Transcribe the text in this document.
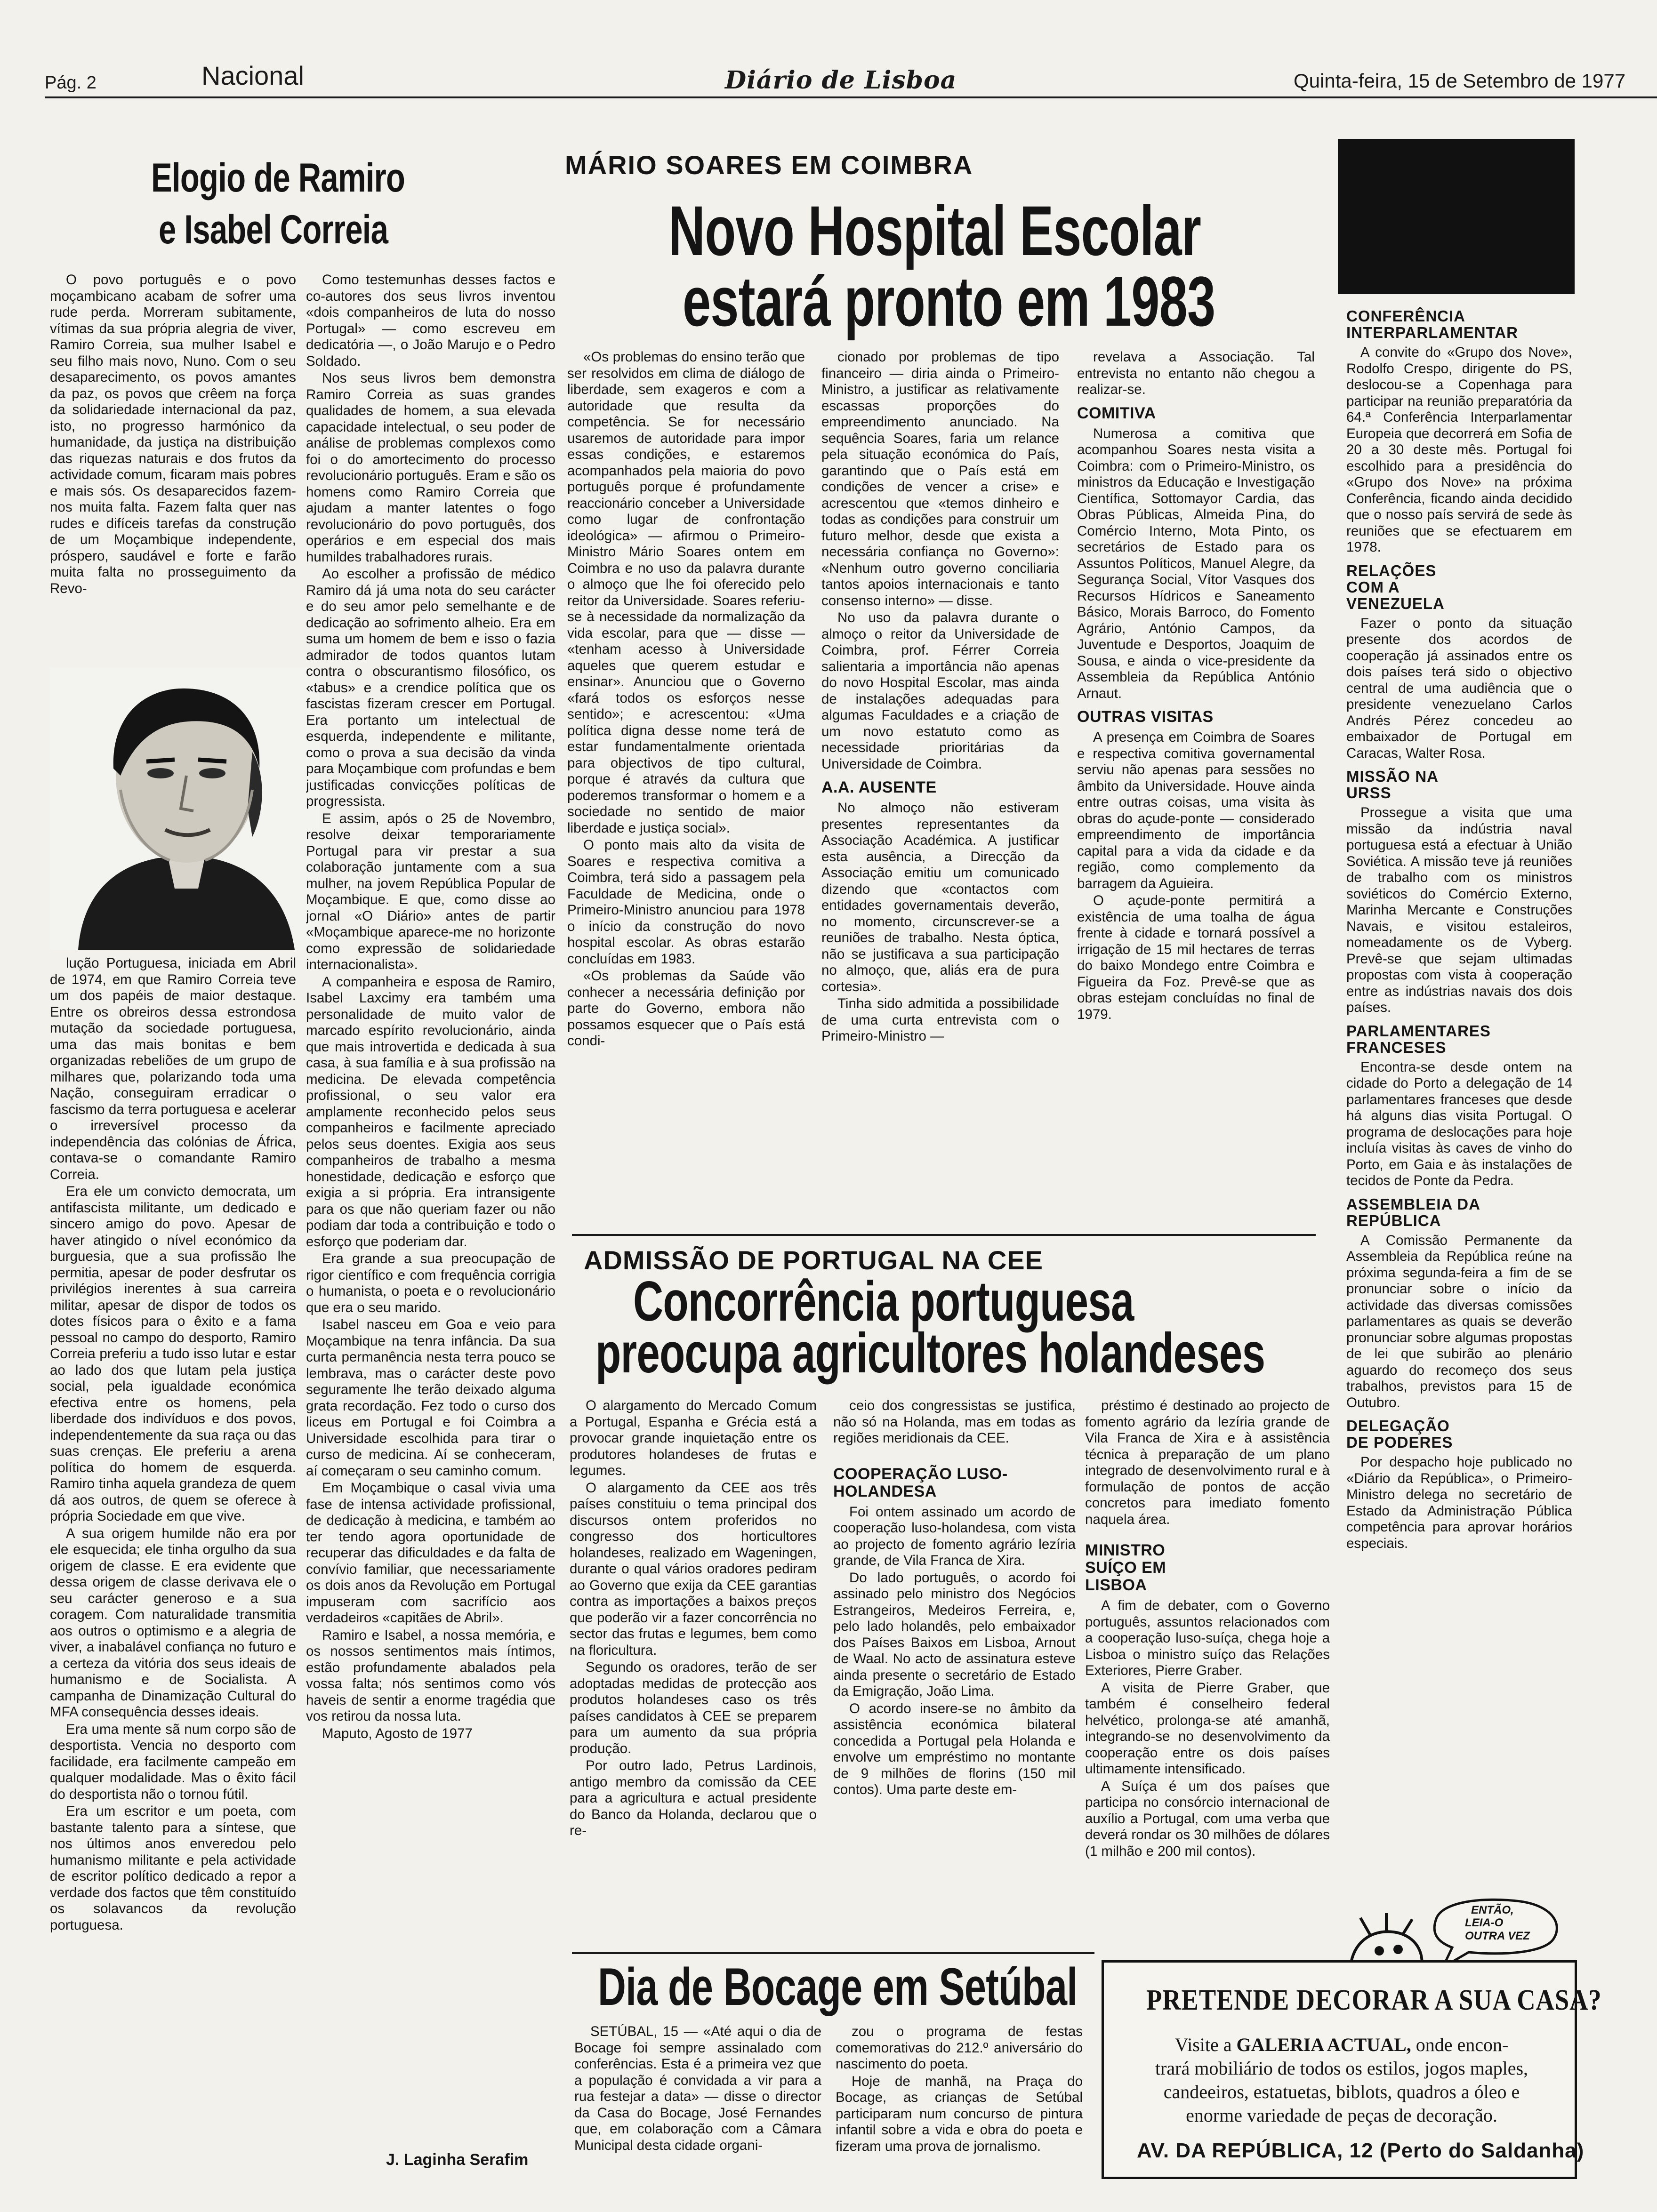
Pág. 2	Nacional	Diário de Lisboa	Quinta-feira, 15 de Setembro de 1977
Elogio de Ramiro
e Isabel Correia

O povo português e o povo moçambicano acabam de sofrer uma rude perda. Morreram subitamente, vítimas da sua própria alegria de viver, Ramiro Correia, sua mulher Isabel e seu filho mais novo, Nuno. Com o seu desaparecimento, os povos amantes da paz, os povos que crêem na força da solidariedade internacional da paz, isto, no progresso harmónico da humanidade, da justiça na distribuição das riquezas naturais e dos frutos da actividade comum, ficaram mais pobres e mais sós. Os desaparecidos fazem-nos muita falta. Fazem falta quer nas rudes e difíceis tarefas da construção de um Moçambique independente, próspero, saudável e forte e farão muita falta no prosseguimento da Revo-

lução Portuguesa, iniciada em Abril de 1974, em que Ramiro Correia teve um dos papéis de maior destaque. Entre os obreiros dessa estrondosa mutação da sociedade portuguesa, uma das mais bonitas e bem organizadas rebeliões de um grupo de milhares que, polarizando toda uma Nação, conseguiram erradicar o fascismo da terra portuguesa e acelerar o irreversível processo da independência das colónias de África, contava-se o comandante Ramiro Correia.

Era ele um convicto democrata, um antifascista militante, um dedicado e sincero amigo do povo. Apesar de haver atingido o nível económico da burguesia, que a sua profissão lhe permitia, apesar de poder desfrutar os privilégios inerentes à sua carreira militar, apesar de dispor de todos os dotes físicos para o êxito e a fama pessoal no campo do desporto, Ramiro Correia preferiu a tudo isso lutar e estar ao lado dos que lutam pela justiça social, pela igualdade económica efectiva entre os homens, pela liberdade dos indivíduos e dos povos, independentemente da sua raça ou das suas crenças. Ele preferiu a arena política do homem de esquerda. Ramiro tinha aquela grandeza de quem dá aos outros, de quem se oferece à própria Sociedade em que vive.

A sua origem humilde não era por ele esquecida; ele tinha orgulho da sua origem de classe. E era evidente que dessa origem de classe derivava ele o seu carácter generoso e a sua coragem. Com naturalidade transmitia aos outros o optimismo e a alegria de viver, a inabalável confiança no futuro e a certeza da vitória dos seus ideais de humanismo e de Socialista. A campanha de Dinamização Cultural do MFA consequência desses ideais.

Era uma mente sã num corpo são de desportista. Vencia no desporto com facilidade, era facilmente campeão em qualquer modalidade. Mas o êxito fácil do desportista não o tornou fútil.

Era um escritor e um poeta, com bastante talento para a síntese, que nos últimos anos enveredou pelo humanismo militante e pela actividade de escritor político dedicado a repor a verdade dos factos que têm constituído os solavancos da revolução portuguesa.

Como testemunhas desses factos e co-autores dos seus livros inventou «dois companheiros de luta do nosso Portugal» — como escreveu em dedicatória —, o João Marujo e o Pedro Soldado.

Nos seus livros bem demonstra Ramiro Correia as suas grandes qualidades de homem, a sua elevada capacidade intelectual, o seu poder de análise de problemas complexos como foi o do amortecimento do processo revolucionário português. Eram e são os homens como Ramiro Correia que ajudam a manter latentes o fogo revolucionário do povo português, dos operários e em especial dos mais humildes trabalhadores rurais.

Ao escolher a profissão de médico Ramiro dá já uma nota do seu carácter e do seu amor pelo semelhante e de dedicação ao sofrimento alheio. Era em suma um homem de bem e isso o fazia admirador de todos quantos lutam contra o obscurantismo filosófico, os «tabus» e a crendice política que os fascistas fizeram crescer em Portugal. Era portanto um intelectual de esquerda, independente e militante, como o prova a sua decisão da vinda para Moçambique com profundas e bem justificadas convicções políticas de progressista.

E assim, após o 25 de Novembro, resolve deixar temporariamente Portugal para vir prestar a sua colaboração juntamente com a sua mulher, na jovem República Popular de Moçambique. E que, como disse ao jornal «O Diário» antes de partir «Moçambique aparece-me no horizonte como expressão de solidariedade internacionalista».

A companheira e esposa de Ramiro, Isabel Laxcimy era também uma personalidade de muito valor de marcado espírito revolucionário, ainda que mais introvertida e dedicada à sua casa, à sua família e à sua profissão na medicina. De elevada competência profissional, o seu valor era amplamente reconhecido pelos seus companheiros e facilmente apreciado pelos seus doentes. Exigia aos seus companheiros de trabalho a mesma honestidade, dedicação e esforço que exigia a si própria. Era intransigente para os que não queriam fazer ou não podiam dar toda a contribuição e todo o esforço que poderiam dar.

Era grande a sua preocupação de rigor científico e com frequência corrigia o humanista, o poeta e o revolucionário que era o seu marido.

Isabel nasceu em Goa e veio para Moçambique na tenra infância. Da sua curta permanência nesta terra pouco se lembrava, mas o carácter deste povo seguramente lhe terão deixado alguma grata recordação. Fez todo o curso dos liceus em Portugal e foi Coimbra a Universidade escolhida para tirar o curso de medicina. Aí se conheceram, aí começaram o seu caminho comum.

Em Moçambique o casal vivia uma fase de intensa actividade profissional, de dedicação à medicina, e também ao ter tendo agora oportunidade de recuperar das dificuldades e da falta de convívio familiar, que necessariamente os dois anos da Revolução em Portugal impuseram com sacrifício aos verdadeiros «capitães de Abril».

Ramiro e Isabel, a nossa memória, e os nossos sentimentos mais íntimos, estão profundamente abalados pela vossa falta; nós sentimos como vós haveis de sentir a enorme tragédia que vos retirou da nossa luta.

Maputo, Agosto de 1977

J. Laginha Serafim
MÁRIO SOARES EM COIMBRA
Novo Hospital Escolar
estará pronto em 1983

«Os problemas do ensino terão que ser resolvidos em clima de diálogo de liberdade, sem exageros e com a autoridade que resulta da competência. Se for necessário usaremos de autoridade para impor essas condições, e estaremos acompanhados pela maioria do povo português porque é profundamente reaccionário conceber a Universidade como lugar de confrontação ideológica» — afirmou o Primeiro-Ministro Mário Soares ontem em Coimbra e no uso da palavra durante o almoço que lhe foi oferecido pelo reitor da Universidade. Soares referiu-se à necessidade da normalização da vida escolar, para que — disse — «tenham acesso à Universidade aqueles que querem estudar e ensinar». Anunciou que o Governo «fará todos os esforços nesse sentido»; e acrescentou: «Uma política digna desse nome terá de estar fundamentalmente orientada para objectivos de tipo cultural, porque é através da cultura que poderemos transformar o homem e a sociedade no sentido de maior liberdade e justiça social».

O ponto mais alto da visita de Soares e respectiva comitiva a Coimbra, terá sido a passagem pela Faculdade de Medicina, onde o Primeiro-Ministro anunciou para 1978 o início da construção do novo hospital escolar. As obras estarão concluídas em 1983.

«Os problemas da Saúde vão conhecer a necessária definição por parte do Governo, embora não possamos esquecer que o País está condi-

cionado por problemas de tipo financeiro — diria ainda o Primeiro-Ministro, a justificar as relativamente escassas proporções do empreendimento anunciado. Na sequência Soares, faria um relance pela situação económica do País, garantindo que o País está em condições de vencer a crise» e acrescentou que «temos dinheiro e todas as condições para construir um futuro melhor, desde que exista a necessária confiança no Governo»: «Nenhum outro governo conciliaria tantos apoios internacionais e tanto consenso interno» — disse.

No uso da palavra durante o almoço o reitor da Universidade de Coimbra, prof. Férrer Correia salientaria a importância não apenas do novo Hospital Escolar, mas ainda de instalações adequadas para algumas Faculdades e a criação de um novo estatuto como as necessidade prioritárias da Universidade de Coimbra.

A.A. AUSENTE

No almoço não estiveram presentes representantes da Associação Académica. A justificar esta ausência, a Direcção da Associação emitiu um comunicado dizendo que «contactos com entidades governamentais deverão, no momento, circunscrever-se a reuniões de trabalho. Nesta óptica, não se justificava a sua participação no almoço, que, aliás era de pura cortesia».

Tinha sido admitida a possibilidade de uma curta entrevista com o Primeiro-Ministro —

revelava a Associação. Tal entrevista no entanto não chegou a realizar-se.

COMITIVA

Numerosa a comitiva que acompanhou Soares nesta visita a Coimbra: com o Primeiro-Ministro, os ministros da Educação e Investigação Científica, Sottomayor Cardia, das Obras Públicas, Almeida Pina, do Comércio Interno, Mota Pinto, os secretários de Estado para os Assuntos Políticos, Manuel Alegre, da Segurança Social, Vítor Vasques dos Recursos Hídricos e Saneamento Básico, Morais Barroco, do Fomento Agrário, António Campos, da Juventude e Desportos, Joaquim de Sousa, e ainda o vice-presidente da Assembleia da República António Arnaut.

OUTRAS VISITAS

A presença em Coimbra de Soares e respectiva comitiva governamental serviu não apenas para sessões no âmbito da Universidade. Houve ainda entre outras coisas, uma visita às obras do açude-ponte — considerado empreendimento de importância capital para a vida da cidade e da região, como complemento da barragem da Aguieira.

O açude-ponte permitirá a existência de uma toalha de água frente à cidade e tornará possível a irrigação de 15 mil hectares de terras do baixo Mondego entre Coimbra e Figueira da Foz. Prevê-se que as obras estejam concluídas no final de 1979.

ADMISSÃO DE PORTUGAL NA CEE
Concorrência portuguesa
preocupa agricultores holandeses

O alargamento do Mercado Comum a Portugal, Espanha e Grécia está a provocar grande inquietação entre os produtores holandeses de frutas e legumes.

O alargamento da CEE aos três países constituiu o tema principal dos discursos ontem proferidos no congresso dos horticultores holandeses, realizado em Wageningen, durante o qual vários oradores pediram ao Governo que exija da CEE garantias contra as importações a baixos preços que poderão vir a fazer concorrência no sector das frutas e legumes, bem como na floricultura.

Segundo os oradores, terão de ser adoptadas medidas de protecção aos produtos holandeses caso os três países candidatos à CEE se preparem para um aumento da sua própria produção.

Por outro lado, Petrus Lardinois, antigo membro da comissão da CEE para a agricultura e actual presidente do Banco da Holanda, declarou que o re-

ceio dos congressistas se justifica, não só na Holanda, mas em todas as regiões meridionais da CEE.

COOPERAÇÃO LUSO-HOLANDESA

Foi ontem assinado um acordo de cooperação luso-holandesa, com vista ao projecto de fomento agrário lezíria grande, de Vila Franca de Xira.

Do lado português, o acordo foi assinado pelo ministro dos Negócios Estrangeiros, Medeiros Ferreira, e, pelo lado holandês, pelo embaixador dos Países Baixos em Lisboa, Arnout de Waal. No acto de assinatura esteve ainda presente o secretário de Estado da Emigração, João Lima.

O acordo insere-se no âmbito da assistência económica bilateral concedida a Portugal pela Holanda e envolve um empréstimo no montante de 9 milhões de florins (150 mil contos). Uma parte deste em-

préstimo é destinado ao projecto de fomento agrário da lezíria grande de Vila Franca de Xira e à assistência técnica à preparação de um plano integrado de desenvolvimento rural e à formulação de pontos de acção concretos para imediato fomento naquela área.

MINISTRO SUÍÇO EM LISBOA

A fim de debater, com o Governo português, assuntos relacionados com a cooperação luso-suíça, chega hoje a Lisboa o ministro suíço das Relações Exteriores, Pierre Graber.

A visita de Pierre Graber, que também é conselheiro federal helvético, prolonga-se até amanhã, integrando-se no desenvolvimento da cooperação entre os dois países ultimamente intensificado.

A Suíça é um dos países que participa no consórcio internacional de auxílio a Portugal, com uma verba que deverá rondar os 30 milhões de dólares (1 milhão e 200 mil contos).

Dia de Bocage em Setúbal

SETÚBAL, 15 — «Até aqui o dia de Bocage foi sempre assinalado com conferências. Esta é a primeira vez que a população é convidada a vir para a rua festejar a data» — disse o director da Casa do Bocage, José Fernandes que, em colaboração com a Câmara Municipal desta cidade organi-

zou o programa de festas comemorativas do 212.º aniversário do nascimento do poeta.

Hoje de manhã, na Praça do Bocage, as crianças de Setúbal participaram num concurso de pintura infantil sobre a vida e obra do poeta e fizeram uma prova de jornalismo.

CONFERÊNCIA INTERPARLAMENTAR

A convite do «Grupo dos Nove», Rodolfo Crespo, dirigente do PS, deslocou-se a Copenhaga para participar na reunião preparatória da 64.ª Conferência Interparlamentar Europeia que decorrerá em Sofia de 20 a 30 deste mês. Portugal foi escolhido para a presidência do «Grupo dos Nove» na próxima Conferência, ficando ainda decidido que o nosso país servirá de sede às reuniões que se efectuarem em 1978.

RELAÇÕES COM A VENEZUELA

Fazer o ponto da situação presente dos acordos de cooperação já assinados entre os dois países terá sido o objectivo central de uma audiência que o presidente venezuelano Carlos Andrés Pérez concedeu ao embaixador de Portugal em Caracas, Walter Rosa.

MISSÃO NA URSS

Prossegue a visita que uma missão da indústria naval portuguesa está a efectuar à União Soviética. A missão teve já reuniões de trabalho com os ministros soviéticos do Comércio Externo, Marinha Mercante e Construções Navais, e visitou estaleiros, nomeadamente os de Vyberg. Prevê-se que sejam ultimadas propostas com vista à cooperação entre as indústrias navais dos dois países.

PARLAMENTARES FRANCESES

Encontra-se desde ontem na cidade do Porto a delegação de 14 parlamentares franceses que desde há alguns dias visita Portugal. O programa de deslocações para hoje incluía visitas às caves de vinho do Porto, em Gaia e às instalações de tecidos de Ponte da Pedra.

ASSEMBLEIA DA REPÚBLICA

A Comissão Permanente da Assembleia da República reúne na próxima segunda-feira a fim de se pronunciar sobre o início da actividade das diversas comissões parlamentares as quais se deverão pronunciar sobre algumas propostas de lei que subirão ao plenário aguardo do recomeço dos seus trabalhos, previstos para 15 de Outubro.

DELEGAÇÃO DE PODERES

Por despacho hoje publicado no «Diário da República», o Primeiro-Ministro delega no secretário de Estado da Administração Pública competência para aprovar horários especiais.

ENTÃO,
LEIA-O
OUTRA VEZ
PRETENDE DECORAR A SUA CASA?
Visite a GALERIA ACTUAL, onde encon-
trará mobiliário de todos os estilos, jogos maples,
candeeiros, estatuetas, biblots, quadros a óleo e
enorme variedade de peças de decoração.
AV. DA REPÚBLICA, 12 (Perto do Saldanha)
